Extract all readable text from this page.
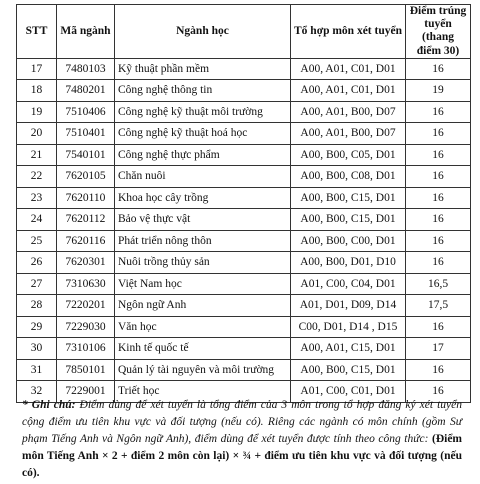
STT	Mã ngành	Ngành học	Tổ hợp môn xét tuyển	Điểm trúng tuyển (thang điểm 30)
17	7480103	Kỹ thuật phần mềm	A00, A01, C01, D01	16
18	7480201	Công nghệ thông tin	A00, A01, C01, D01	19
19	7510406	Công nghệ kỹ thuật môi trường	A00, A01, B00, D07	16
20	7510401	Công nghệ kỹ thuật hoá học	A00, A01, B00, D07	16
21	7540101	Công nghệ thực phẩm	A00, B00, C05, D01	16
22	7620105	Chăn nuôi	A00, B00, C08, D01	16
23	7620110	Khoa học cây trồng	A00, B00, C15, D01	16
24	7620112	Bảo vệ thực vật	A00, B00, C15, D01	16
25	7620116	Phát triển nông thôn	A00, B00, C00, D01	16
26	7620301	Nuôi trồng thủy sản	A00, B00, D01, D10	16
27	7310630	Việt Nam học	A01, C00, C04, D01	16,5
28	7220201	Ngôn ngữ Anh	A01, D01, D09, D14	17,5
29	7229030	Văn học	C00, D01, D14 , D15	16
30	7310106	Kinh tế quốc tế	A00, A01, C15, D01	17
31	7850101	Quản lý tài nguyên và môi trường	A00, B00, C15, D01	16
32	7229001	Triết học	A01, C00, C01, D01	16
* Ghi chú: Điểm dùng để xét tuyển là tổng điểm của 3 môn trong tổ hợp đăng ký xét tuyển cộng điểm ưu tiên khu vực và đối tượng (nếu có). Riêng các ngành có môn chính (gồm Sư phạm Tiếng Anh và Ngôn ngữ Anh), điểm dùng để xét tuyển được tính theo công thức: (Điểm môn Tiếng Anh × 2 + điểm 2 môn còn lại) × ¾ + điểm ưu tiên khu vực và đối tượng (nếu có).
